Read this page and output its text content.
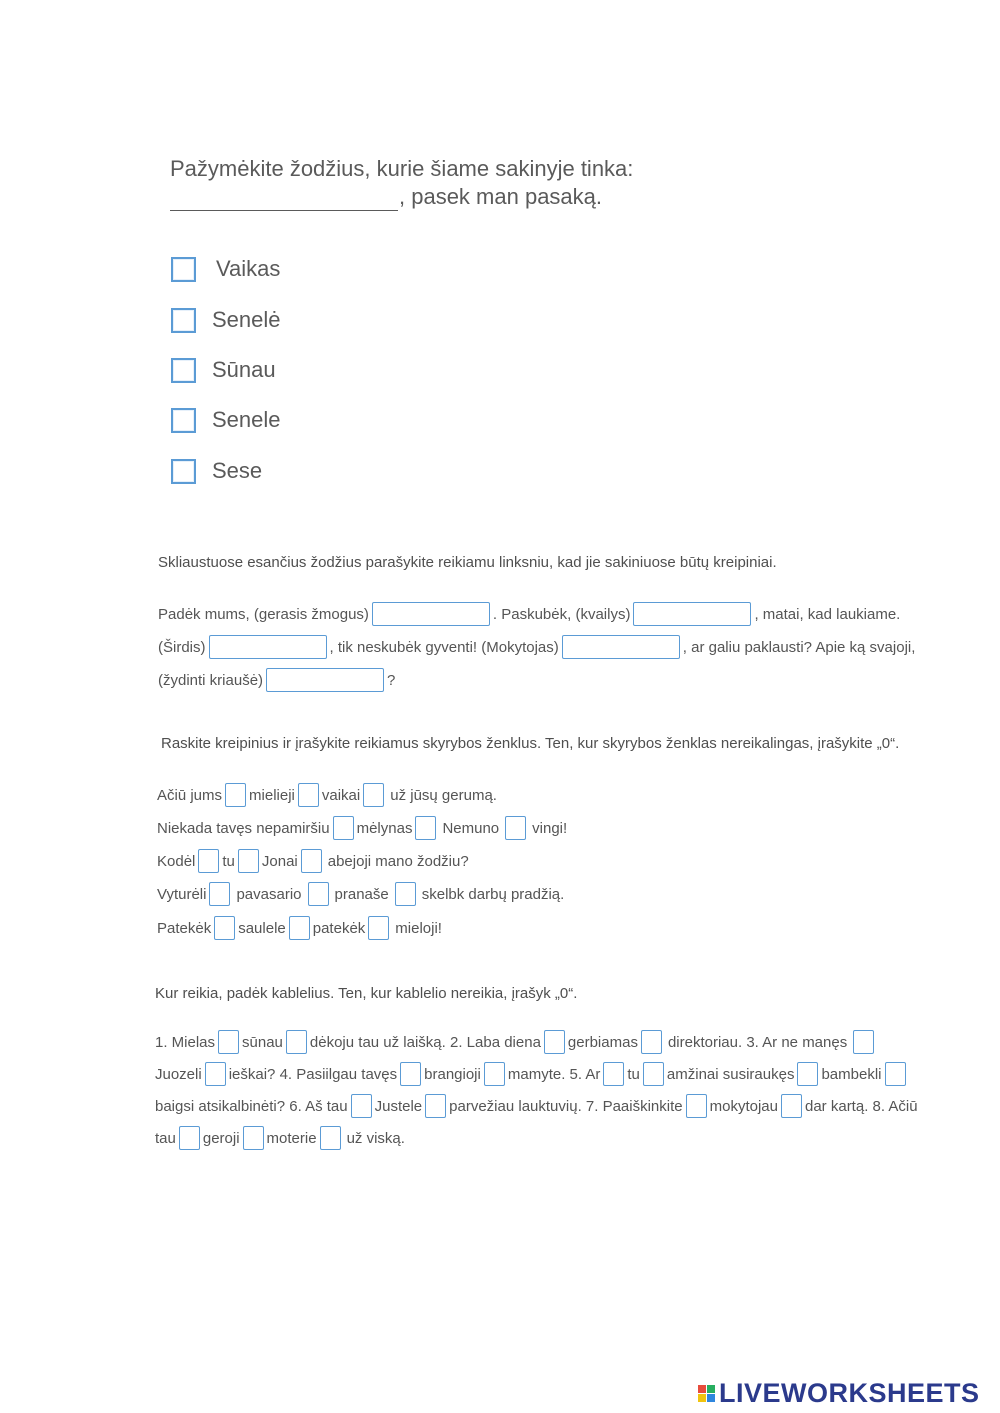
Pažymėkite žodžius, kurie šiame sakinyje tinka:
, pasek man pasaką.
Vaikas
Senelė
Sūnau
Senele
Sese
Skliaustuose esančius žodžius parašykite reikiamu linksniu, kad jie sakiniuose būtų kreipiniai.
Padėk mums, (gerasis žmogus)	. Paskubėk, (kvailys)	, matai, kad laukiame.
(Širdis)	, tik neskubėk gyventi! (Mokytojas)	, ar galiu paklausti? Apie ką svajoji,
(žydinti kriaušė)	?
Raskite kreipinius ir įrašykite reikiamus skyrybos ženklus. Ten, kur skyrybos ženklas nereikalingas, įrašykite „0“.
Ačiū jums mielieji vaikai už jūsų gerumą.
Niekada tavęs nepamiršiu mėlynas Nemuno vingi!
Kodėl tu Jonai abejoji mano žodžiu?
Vyturėli pavasario pranaše skelbk darbų pradžią.
Patekėk saulele patekėk mieloji!
Kur reikia, padėk kablelius. Ten, kur kablelio nereikia, įrašyk „0“.
1. Mielas sūnau dėkoju tau už laišką. 2. Laba diena gerbiamas direktoriau. 3. Ar ne manęs
Juozeli ieškai? 4. Pasiilgau tavęs brangioji mamyte. 5. Ar tu amžinai susiraukęs bambekli
baigsi atsikalbinėti? 6. Aš tau Justele parvežiau lauktuvių. 7. Paaiškinkite mokytojau dar kartą. 8. Ačiū
tau geroji moterie už viską.
LIVEWORKSHEETS
